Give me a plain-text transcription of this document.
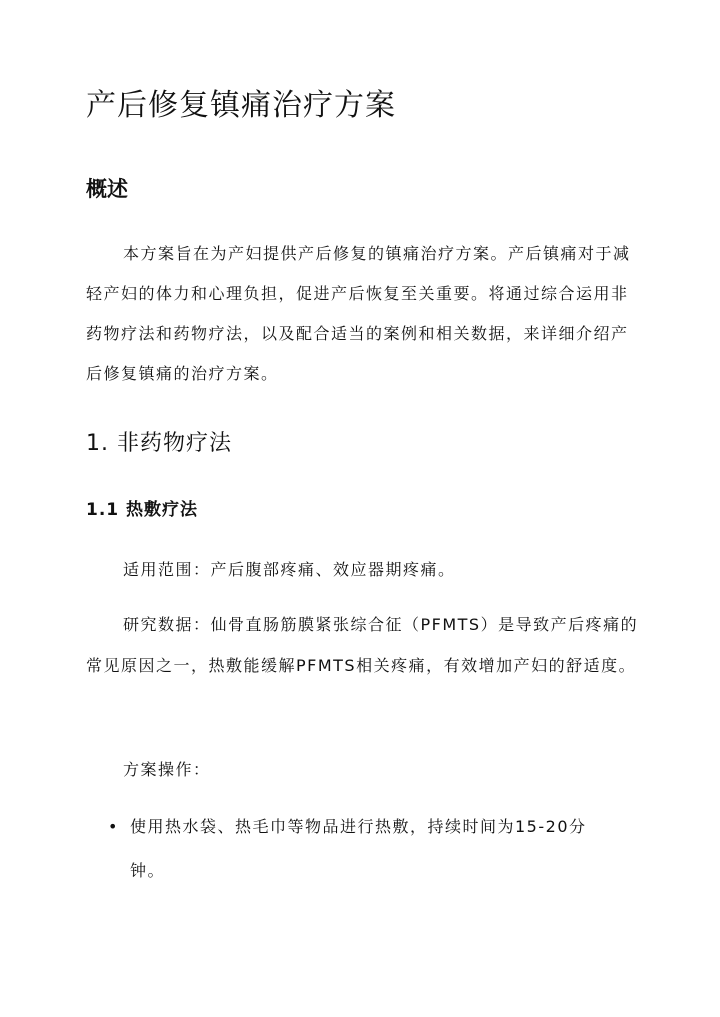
产后修复镇痛治疗方案
概述

本方案旨在为产妇提供产后修复的镇痛治疗方案。产后镇痛对于减轻产妇的体力和心理负担，促进产后恢复至关重要。将通过综合运用非药物疗法和药物疗法，以及配合适当的案例和相关数据，来详细介绍产后修复镇痛的治疗方案。

1. 非药物疗法
1.1 热敷疗法

适用范围：产后腹部疼痛、效应器期疼痛。

研究数据：仙骨直肠筋膜紧张综合征（PFMTS）是导致产后疼痛的常见原因之一，热敷能缓解PFMTS相关疼痛，有效增加产妇的舒适度。

方案操作：

• 使用热水袋、热毛巾等物品进行热敷，持续时间为15-20分钟。
